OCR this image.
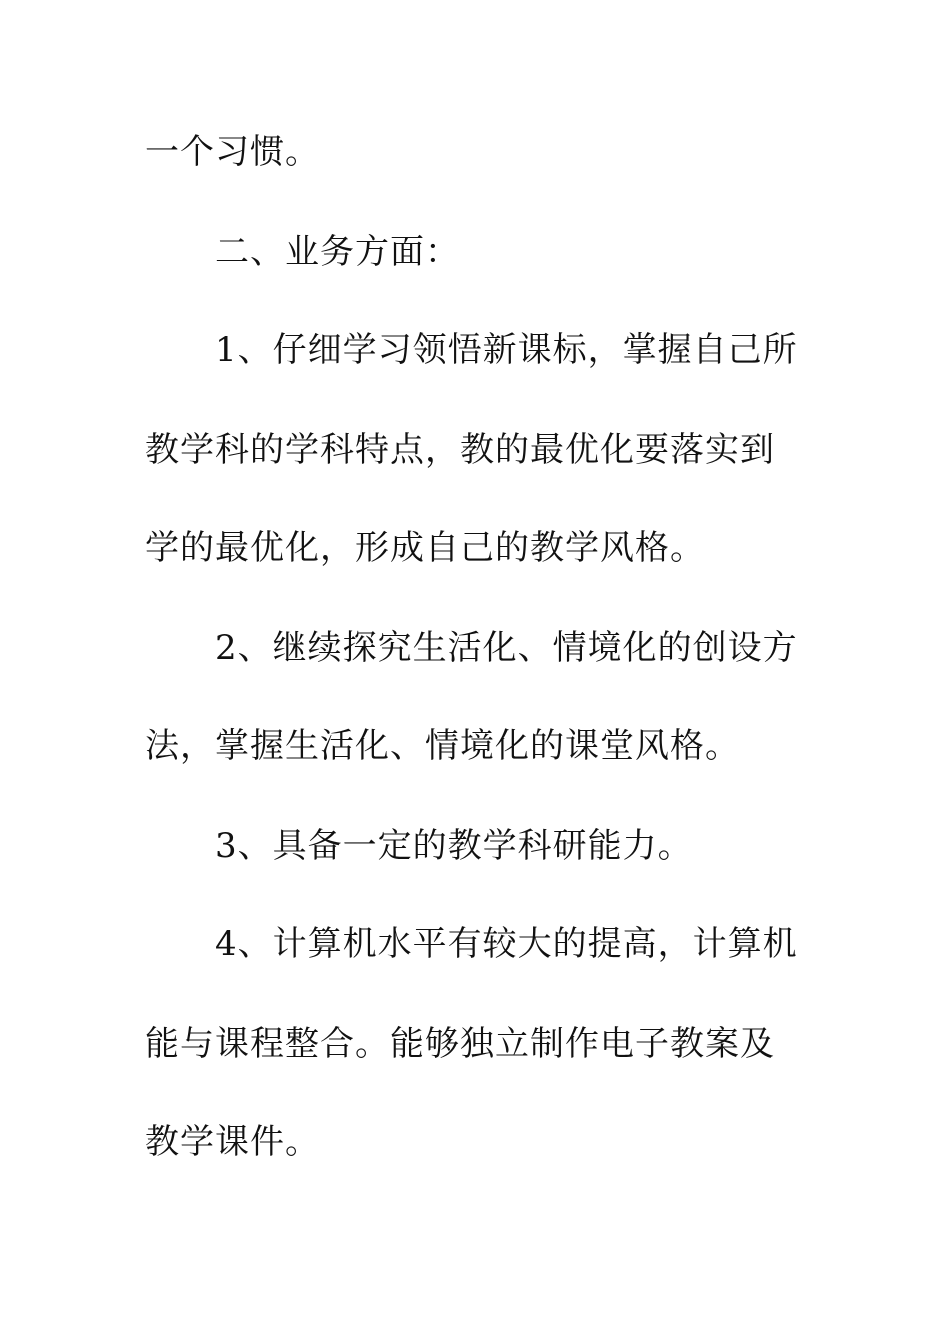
一个习惯。
二、业务方面：
1、仔细学习领悟新课标，掌握自己所
教学科的学科特点，教的最优化要落实到
学的最优化，形成自己的教学风格。
2、继续探究生活化、情境化的创设方
法，掌握生活化、情境化的课堂风格。
3、具备一定的教学科研能力。
4、计算机水平有较大的提高，计算机
能与课程整合。能够独立制作电子教案及
教学课件。
